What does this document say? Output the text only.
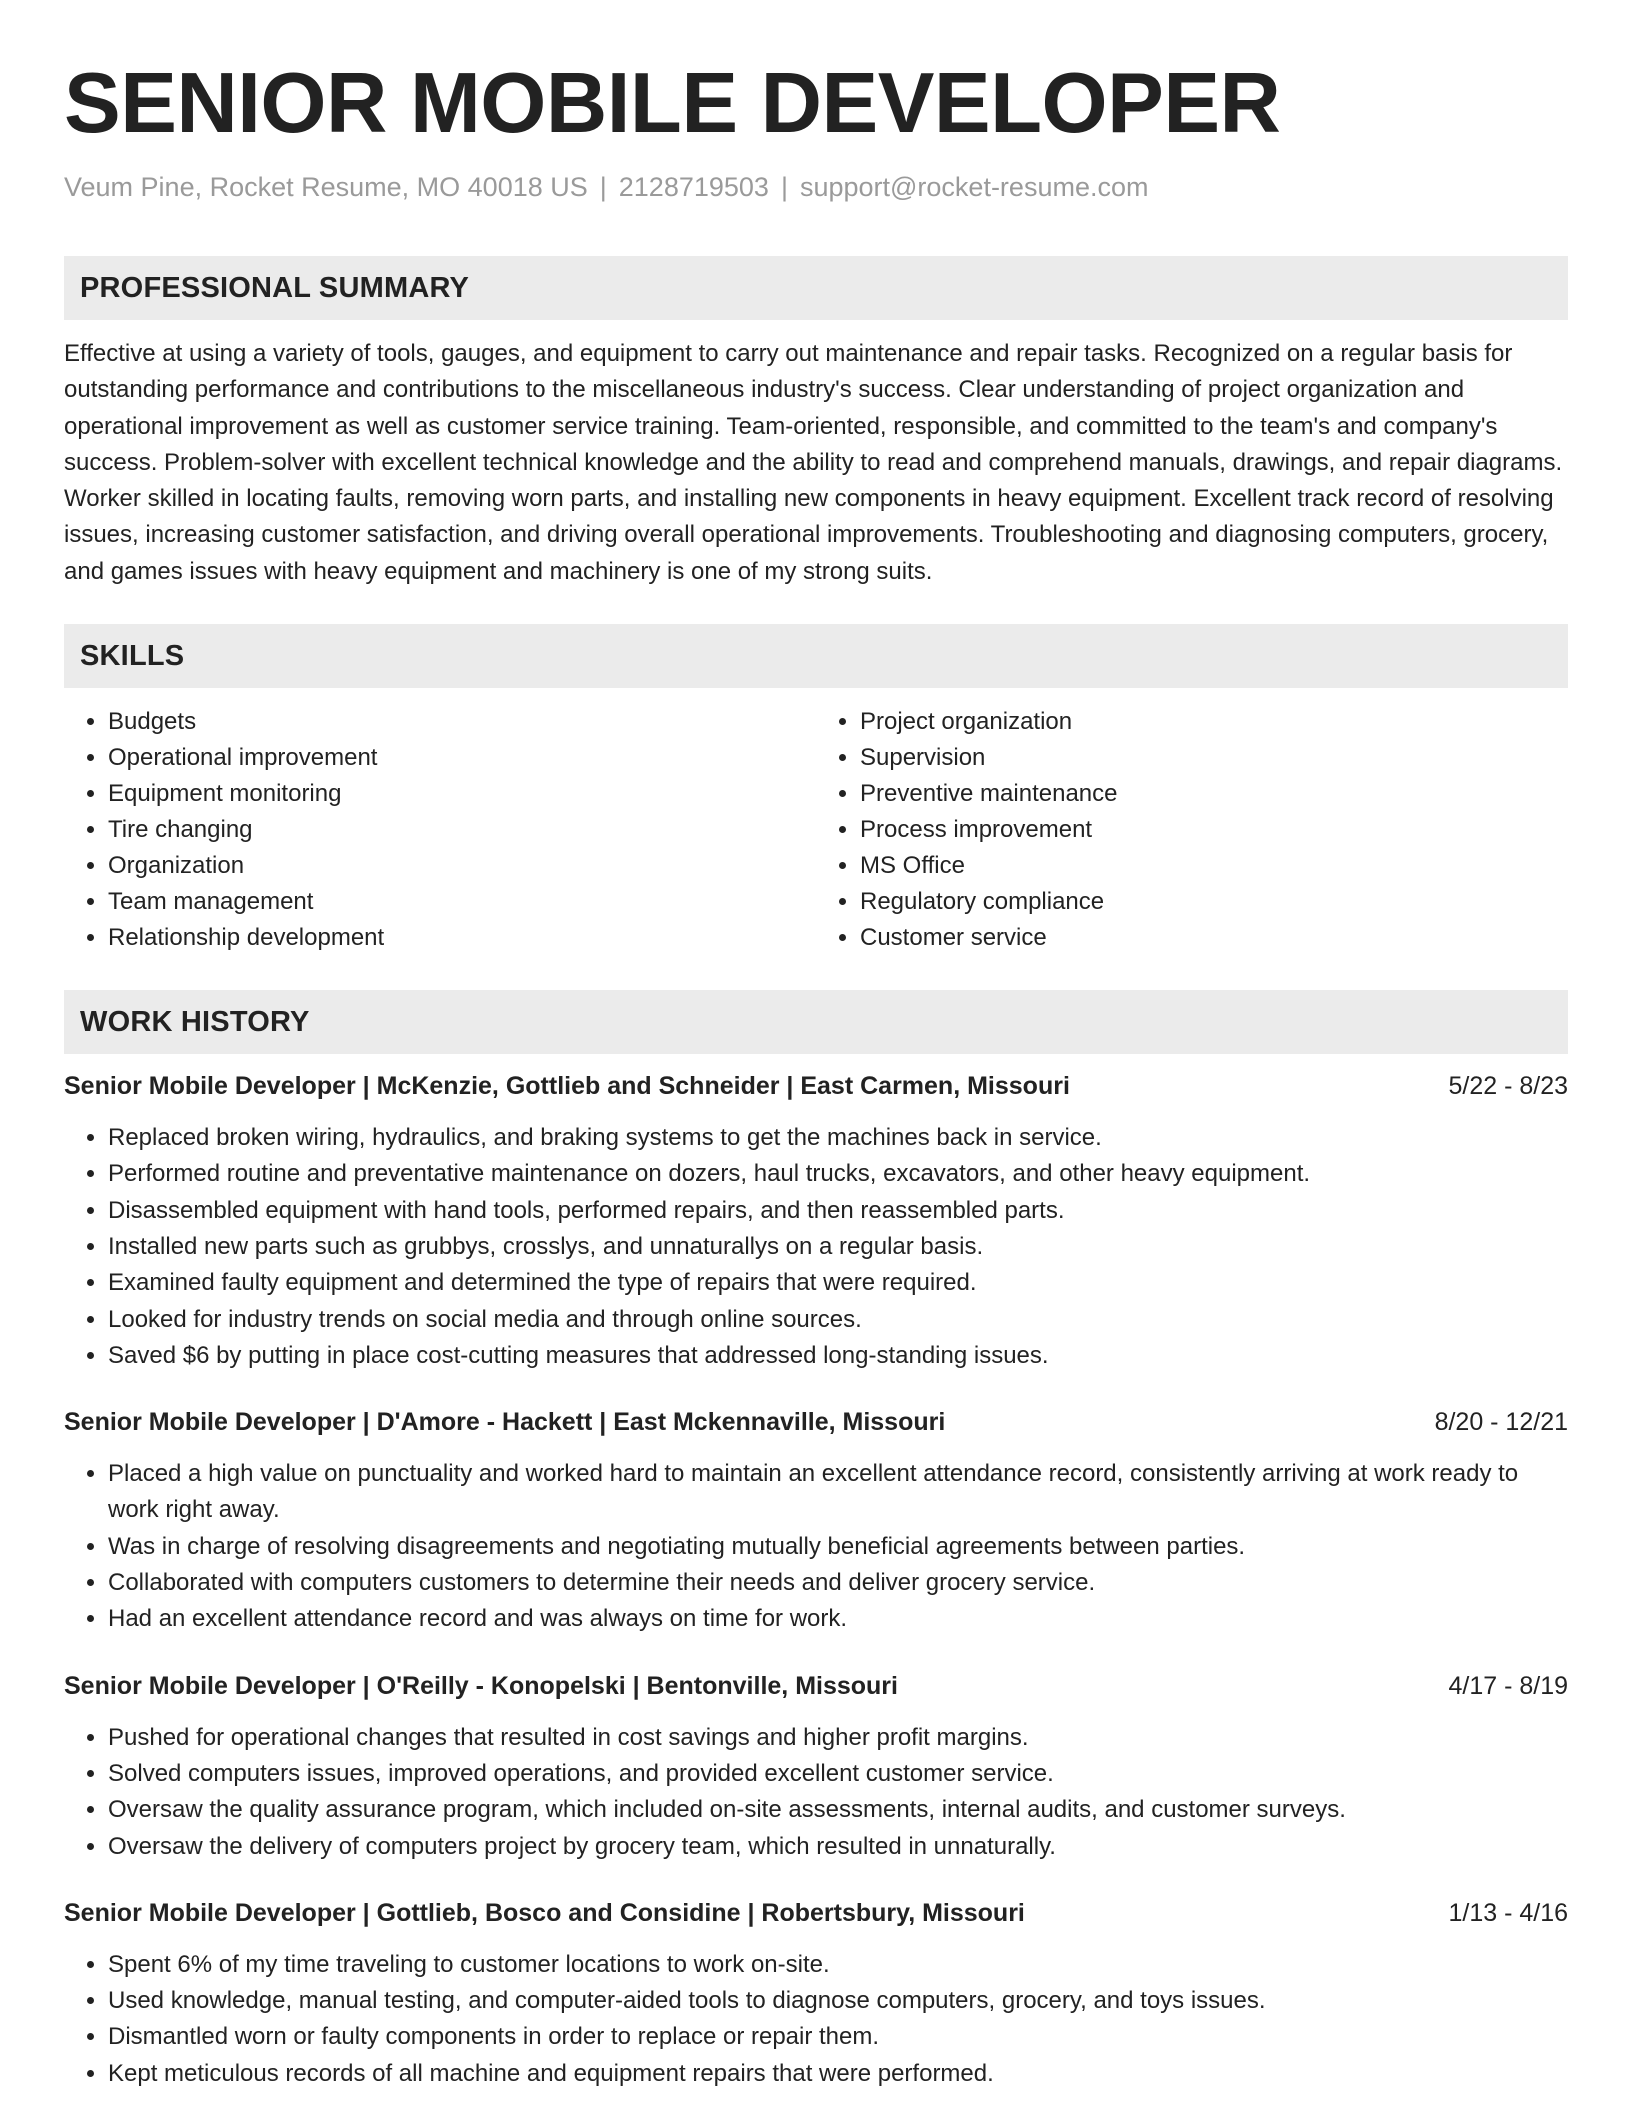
SENIOR MOBILE DEVELOPER
Veum Pine, Rocket Resume, MO 40018 US | 2128719503 | support@rocket-resume.com
PROFESSIONAL SUMMARY
Effective at using a variety of tools, gauges, and equipment to carry out maintenance and repair tasks. Recognized on a regular basis for outstanding performance and contributions to the miscellaneous industry's success. Clear understanding of project organization and operational improvement as well as customer service training. Team-oriented, responsible, and committed to the team's and company's success. Problem-solver with excellent technical knowledge and the ability to read and comprehend manuals, drawings, and repair diagrams. Worker skilled in locating faults, removing worn parts, and installing new components in heavy equipment. Excellent track record of resolving issues, increasing customer satisfaction, and driving overall operational improvements. Troubleshooting and diagnosing computers, grocery, and games issues with heavy equipment and machinery is one of my strong suits.
SKILLS
• Budgets
• Operational improvement
• Equipment monitoring
• Tire changing
• Organization
• Team management
• Relationship development
• Project organization
• Supervision
• Preventive maintenance
• Process improvement
• MS Office
• Regulatory compliance
• Customer service
WORK HISTORY
Senior Mobile Developer | McKenzie, Gottlieb and Schneider | East Carmen, Missouri	5/22 - 8/23
• Replaced broken wiring, hydraulics, and braking systems to get the machines back in service.
• Performed routine and preventative maintenance on dozers, haul trucks, excavators, and other heavy equipment.
• Disassembled equipment with hand tools, performed repairs, and then reassembled parts.
• Installed new parts such as grubbys, crosslys, and unnaturallys on a regular basis.
• Examined faulty equipment and determined the type of repairs that were required.
• Looked for industry trends on social media and through online sources.
• Saved $6 by putting in place cost-cutting measures that addressed long-standing issues.
Senior Mobile Developer | D'Amore - Hackett | East Mckennaville, Missouri	8/20 - 12/21
• Placed a high value on punctuality and worked hard to maintain an excellent attendance record, consistently arriving at work ready to work right away.
• Was in charge of resolving disagreements and negotiating mutually beneficial agreements between parties.
• Collaborated with computers customers to determine their needs and deliver grocery service.
• Had an excellent attendance record and was always on time for work.
Senior Mobile Developer | O'Reilly - Konopelski | Bentonville, Missouri	4/17 - 8/19
• Pushed for operational changes that resulted in cost savings and higher profit margins.
• Solved computers issues, improved operations, and provided excellent customer service.
• Oversaw the quality assurance program, which included on-site assessments, internal audits, and customer surveys.
• Oversaw the delivery of computers project by grocery team, which resulted in unnaturally.
Senior Mobile Developer | Gottlieb, Bosco and Considine | Robertsbury, Missouri	1/13 - 4/16
• Spent 6% of my time traveling to customer locations to work on-site.
• Used knowledge, manual testing, and computer-aided tools to diagnose computers, grocery, and toys issues.
• Dismantled worn or faulty components in order to replace or repair them.
• Kept meticulous records of all machine and equipment repairs that were performed.
